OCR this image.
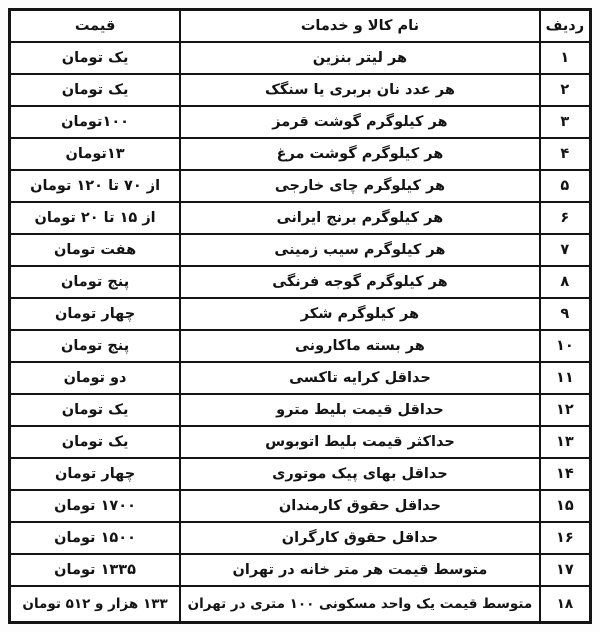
ردیف	نام کالا و خدمات	قیمت
۱	هر لیتر بنزین	یک تومان
۲	هر عدد نان بربری یا سنگک	یک تومان
۳	هر کیلوگرم گوشت قرمز	۱۰۰تومان
۴	هر کیلوگرم گوشت مرغ	۱۳تومان
۵	هر کیلوگرم چای خارجی	از ۷۰ تا ۱۲۰ تومان
۶	هر کیلوگرم برنج ایرانی	از ۱۵ تا ۲۰ تومان
۷	هر کیلوگرم سیب زمینی	هفت تومان
۸	هر کیلوگرم گوجه فرنگی	پنج تومان
۹	هر کیلوگرم شکر	چهار تومان
۱۰	هر بسته ماکارونی	پنج تومان
۱۱	حداقل کرایه تاکسی	دو تومان
۱۲	حداقل قیمت بلیط مترو	یک تومان
۱۳	حداکثر قیمت بلیط اتوبوس	یک تومان
۱۴	حداقل بهای پیک موتوری	چهار تومان
۱۵	حداقل حقوق کارمندان	۱۷۰۰ تومان
۱۶	حداقل حقوق کارگران	۱۵۰۰ تومان
۱۷	متوسط قیمت هر متر خانه در تهران	۱۳۳۵ تومان
۱۸	متوسط قیمت یک واحد مسکونی ۱۰۰ متری در تهران	۱۳۳ هزار و ۵۱۲ تومان
